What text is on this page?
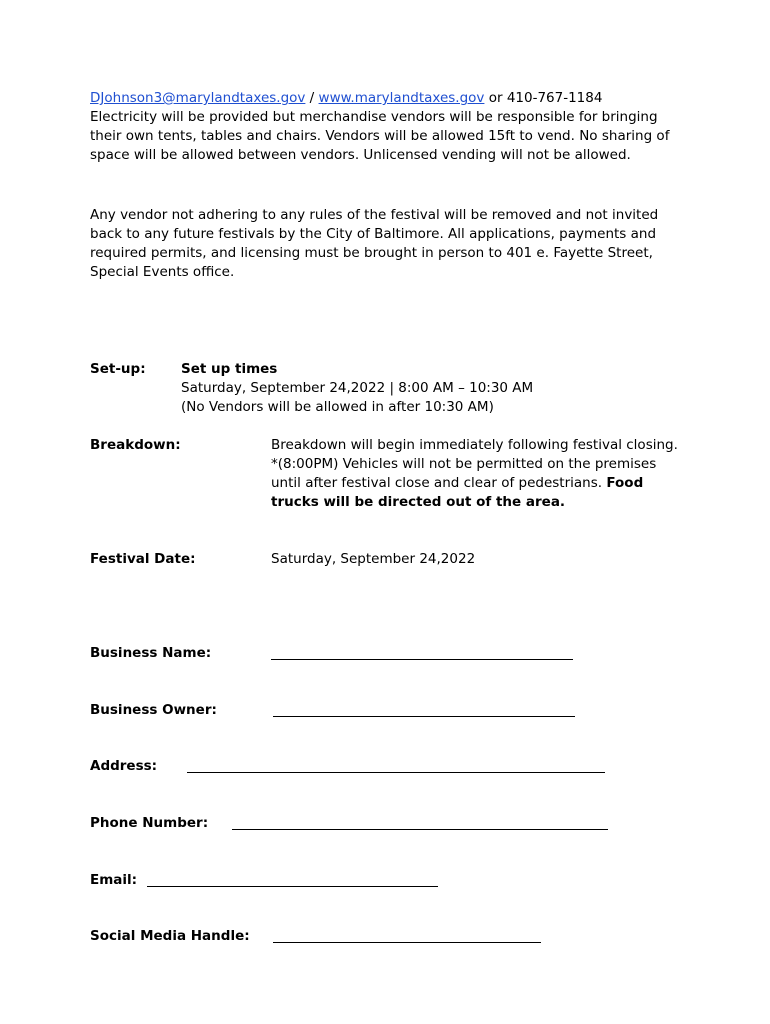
DJohnson3@marylandtaxes.gov / www.marylandtaxes.gov or 410-767-1184
Electricity will be provided but merchandise vendors will be responsible for bringing their own tents, tables and chairs. Vendors will be allowed 15ft to vend. No sharing of space will be allowed between vendors. Unlicensed vending will not be allowed.

Any vendor not adhering to any rules of the festival will be removed and not invited back to any future festivals by the City of Baltimore. All applications, payments and required permits, and licensing must be brought in person to 401 e. Fayette Street, Special Events office.

Set-up:	Set up times
Saturday, September 24,2022 | 8:00 AM – 10:30 AM
(No Vendors will be allowed in after 10:30 AM)
Breakdown:	Breakdown will begin immediately following festival closing. *(8:00PM) Vehicles will not be permitted on the premises until after festival close and clear of pedestrians. Food trucks will be directed out of the area.
Festival Date:	Saturday, September 24,2022
Business Name:
Business Owner:
Address:
Phone Number:
Email:
Social Media Handle:
